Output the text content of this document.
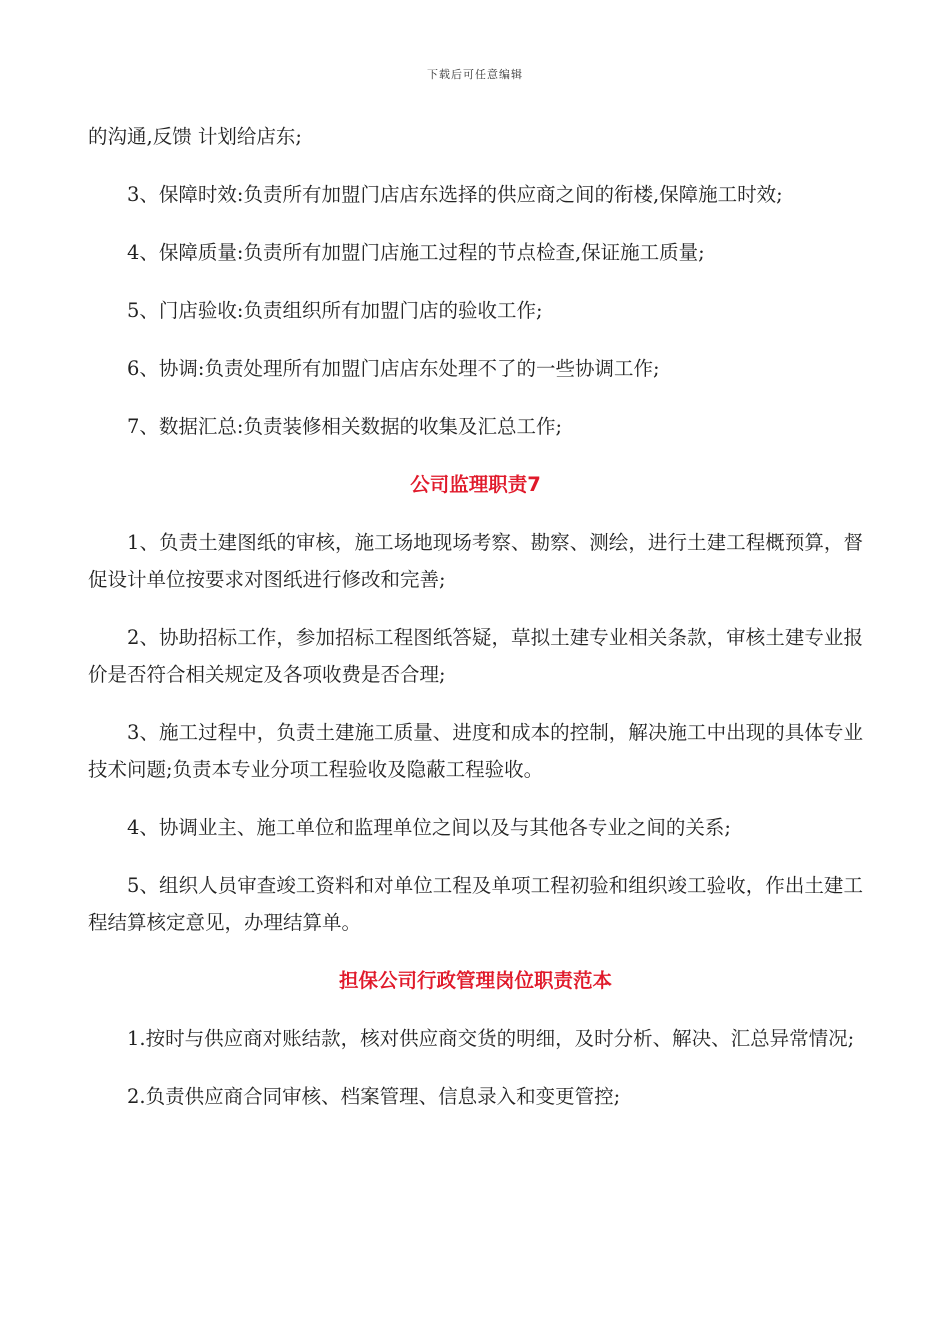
下载后可任意编辑

的沟通,反馈 计划给店东;

3、保障时效:负责所有加盟门店店东选择的供应商之间的衔楼,保障施工时效;

4、保障质量:负责所有加盟门店施工过程的节点检查,保证施工质量;

5、门店验收:负责组织所有加盟门店的验收工作;

6、协调:负责处理所有加盟门店店东处理不了的一些协调工作;

7、数据汇总:负责装修相关数据的收集及汇总工作;

公司监理职责7

1、负责土建图纸的审核，施工场地现场考察、勘察、测绘，进行土建工程概预算，督促设计单位按要求对图纸进行修改和完善;

2、协助招标工作，参加招标工程图纸答疑，草拟土建专业相关条款，审核土建专业报价是否符合相关规定及各项收费是否合理;

3、施工过程中，负责土建施工质量、进度和成本的控制，解决施工中出现的具体专业技术问题;负责本专业分项工程验收及隐蔽工程验收。

4、协调业主、施工单位和监理单位之间以及与其他各专业之间的关系;

5、组织人员审查竣工资料和对单位工程及单项工程初验和组织竣工验收，作出土建工程结算核定意见，办理结算单。

担保公司行政管理岗位职责范本

1.按时与供应商对账结款，核对供应商交货的明细，及时分析、解决、汇总异常情况;

2.负责供应商合同审核、档案管理、信息录入和变更管控;
